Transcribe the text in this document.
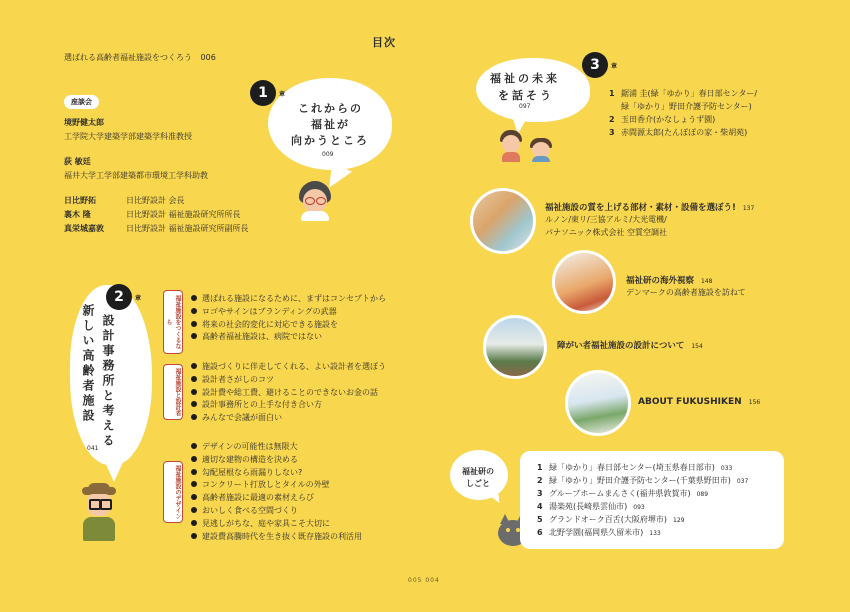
目次
選ばれる高齢者福祉施設をつくろう 006
座談会
境野健太郎
工学院大学建築学部建築学科准教授
荻 敏廷
福井大学工学部建築都市環境工学科助教
日比野拓	日比野設計 会長
裏木 隆	日比野設計 福祉施設研究所所長
真栄城嘉敦	日比野設計 福祉施設研究所副所長
1 章
これからの
福祉が
向かうところ
009
2 章
設計事務所と考える
新しい高齢者施設
041
福祉施設をつくるなら
福祉施設と設計者
福祉施設のデザイン
選ばれる施設になるために、まずはコンセプトから
ロゴやサインはブランディングの武器
将来の社会的変化に対応できる施設を
高齢者福祉施設は、病院ではない
施設づくりに伴走してくれる、よい設計者を選ぼう
設計者さがしのコツ
設計費や総工費、避けることのできないお金の話
設計事務所との上手な付き合い方
みんなで会議が面白い
デザインの可能性は無限大
適切な建物の構造を決める
勾配屋根なら雨漏りしない?
コンクリート打放しとタイルの外壁
高齢者施設に最適の素材えらび
おいしく食べる空間づくり
見逃しがちな、庭や家具こそ大切に
建設費高騰時代を生き抜く既存施設の利活用
3 章
福祉の未来
を話そう
097
1 鋸浦 圭(緑「ゆかり」春日部センター/
緑「ゆかり」野田介護予防センター)
2 玉田香介(かなしょうず園)
3 赤間源太郎(たんぽぽの家・柴胡苑)
福祉施設の質を上げる部材・素材・設備を選ぼう! 137
ルノン/東リ/三協アルミ/大光電機/
パナソニック株式会社 空質空調社
福祉研の海外視察 148
デンマークの高齢者施設を訪ねて
障がい者福祉施設の設計について 154
ABOUT FUKUSHIKEN 156
福祉研の
しごと
1 緑「ゆかり」春日部センター(埼玉県春日部市) 033
2 緑「ゆかり」野田介護予防センター(千葉県野田市) 037
3 グループホームまんさく(福井県敦賀市) 089
4 湯楽苑(長崎県雲仙市) 093
5 グランドオーク百舌(大阪府堺市) 129
6 北野学園(福岡県久留米市) 133
005 004
